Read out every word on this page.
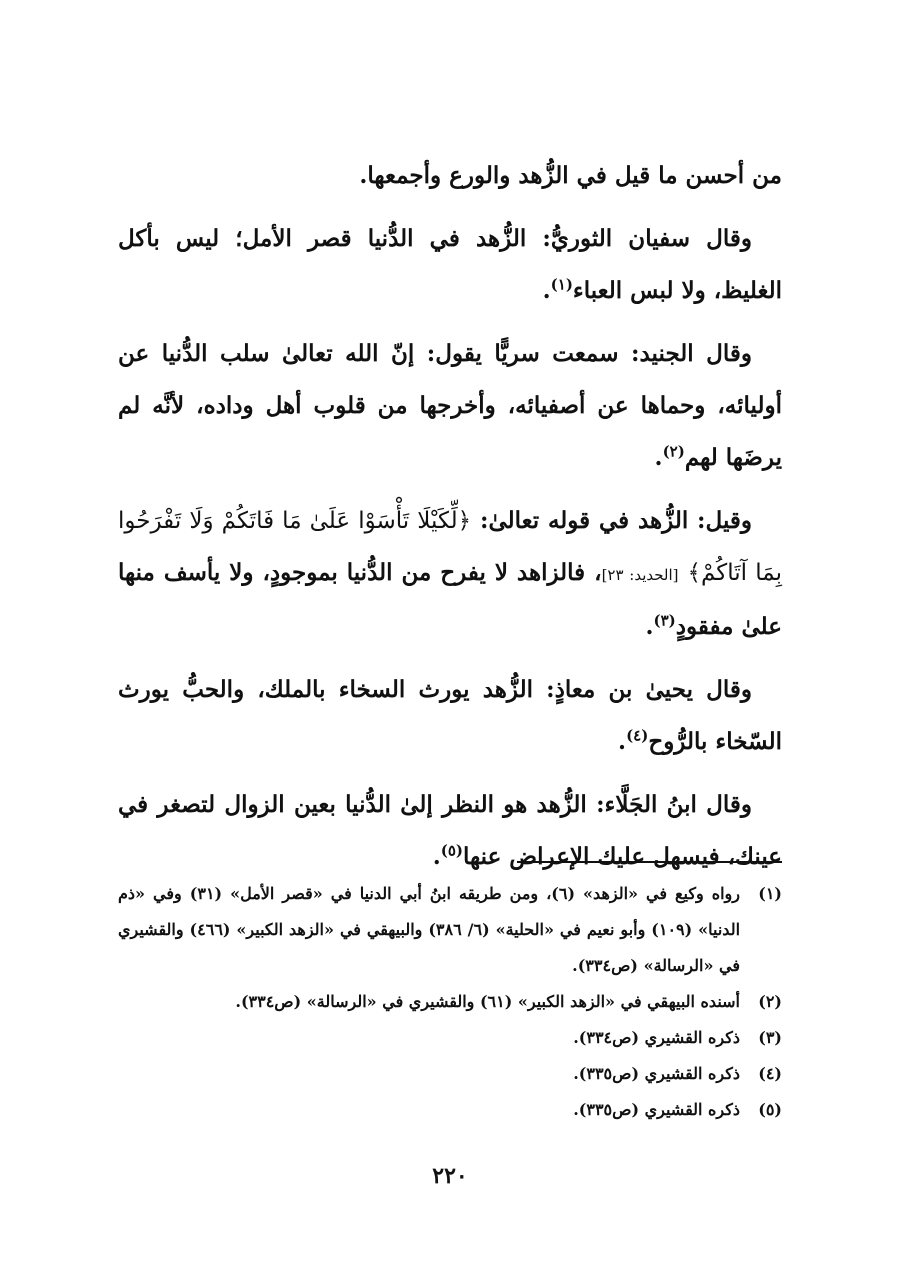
من أحسن ما قيل في الزُّهد والورع وأجمعها.

وقال سفيان الثوريُّ: الزُّهد في الدُّنيا قصر الأمل؛ ليس بأكل الغليظ، ولا لبس العباء$^{(١)}$.

وقال الجنيد: سمعت سريًّا يقول: إنّ الله تعالىٰ سلب الدُّنيا عن أوليائه، وحماها عن أصفيائه، وأخرجها من قلوب أهل وداده، لأنَّه لم يرضَها لهم$^{(٢)}$.

وقيل: الزُّهد في قوله تعالىٰ: ﴿لِّكَيْلَا تَأْسَوْا عَلَىٰ مَا فَاتَكُمْ وَلَا تَفْرَحُوا بِمَا آتَاكُمْ﴾ [الحديد: ٢٣]، فالزاهد لا يفرح من الدُّنيا بموجودٍ، ولا يأسف منها علىٰ مفقودٍ$^{(٣)}$.

وقال يحيىٰ بن معاذٍ: الزُّهد يورث السخاء بالملك، والحبُّ يورث السّخاء بالرُّوح$^{(٤)}$.

وقال ابنُ الجَلَّاء: الزُّهد هو النظر إلىٰ الدُّنيا بعين الزوال لتصغر في عينك، فيسهل عليك الإعراض عنها$^{(٥)}$.

(١)
رواه وكيع في «الزهد» (٦)، ومن طريقه ابنُ أبي الدنيا في «قصر الأمل» (٣١) وفي «ذم الدنيا» (١٠٩) وأبو نعيم في «الحلية» (٦/ ٣٨٦) والبيهقي في «الزهد الكبير» (٤٦٦) والقشيري في «الرسالة» (ص٣٣٤).

(٢)
أسنده البيهقي في «الزهد الكبير» (٦١) والقشيري في «الرسالة» (ص٣٣٤).

(٣)
ذكره القشيري (ص٣٣٤).

(٤)
ذكره القشيري (ص٣٣٥).

(٥)
ذكره القشيري (ص٣٣٥).

٢٢٠
